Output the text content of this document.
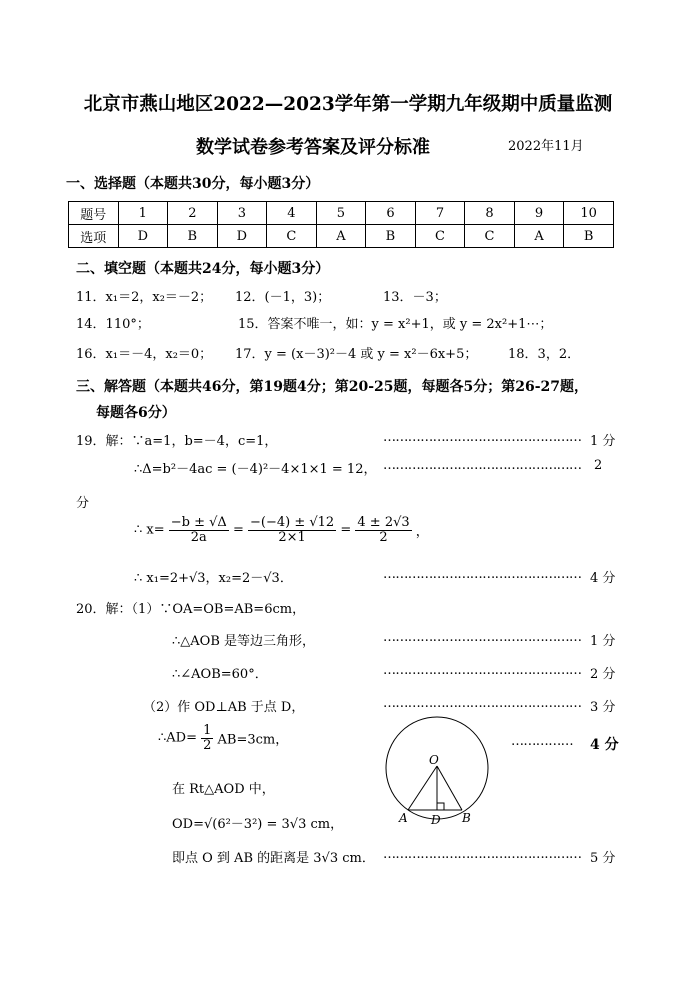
北京市燕山地区2022—2023学年第一学期九年级期中质量监测
数学试卷参考答案及评分标准	2022年11月
一、选择题（本题共30分，每小题3分）
题号	1	2	3	4	5	6	7	8	9	10
选项	D	B	D	C	A	B	C	C	A	B
二、填空题（本题共24分，每小题3分）
11．x₁＝2，x₂＝－2； 12．(－1，3)；	13．－3；
14．110°；	15．答案不唯一，如：y = x²+1，或 y = 2x²+1⋯；
16．x₁＝－4，x₂＝0； 17．y = (x－3)²－4 或 y = x²－6x+5； 18．3，2．
三、解答题（本题共46分，第19题4分；第20-25题，每题各5分；第26-27题，
每题各6分）
19．解：∵a=1，b=－4，c=1，	………………………………………… 1 分
∴Δ=b²－4ac = (－4)²－4×1×1 = 12， ………………………………………… 2
分
∴ $x= \frac{-b \pm √\Delta}{2a} = \frac{-(-4) \pm √12}{2\times 1} = \frac{4 \pm 2√3}{2}$ ，
∴ x₁=2+√3，x₂=2－√3．	………………………………………… 4 分
20．解：（1）∵OA=OB=AB=6cm，
∴△AOB 是等边三角形，	………………………………………… 1 分
∴∠AOB=60°．	………………………………………… 2 分
（2）作 OD⊥AB 于点 D，	………………………………………… 3 分
∴AD= $\frac{1}{2} AB=3cm$，	…………… 4 分
在 Rt△AOD 中，
OD=√(6²－3²) = 3√3 cm，
即点 O 到 AB 的距离是 3√3 cm． ………………………………………… 5 分
O
A D B
